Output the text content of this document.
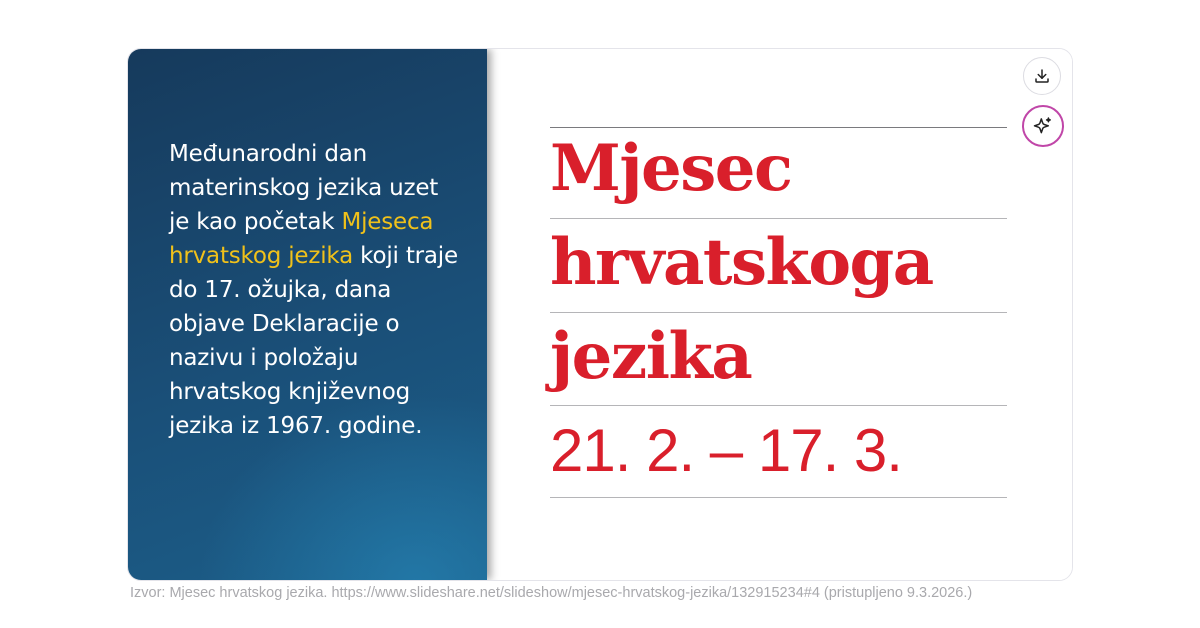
Međunarodni dan materinskog jezika uzet je kao početak Mjeseca hrvatskog jezika koji traje do 17. ožujka, dana objave Deklaracije o nazivu i položaju hrvatskog književnog jezika iz 1967. godine.
Mjesec
hrvatskoga
jezika
21. 2. – 17. 3.
Izvor: Mjesec hrvatskog jezika. https://www.slideshare.net/slideshow/mjesec-hrvatskog-jezika/132915234#4 (pristupljeno 9.3.2026.)
